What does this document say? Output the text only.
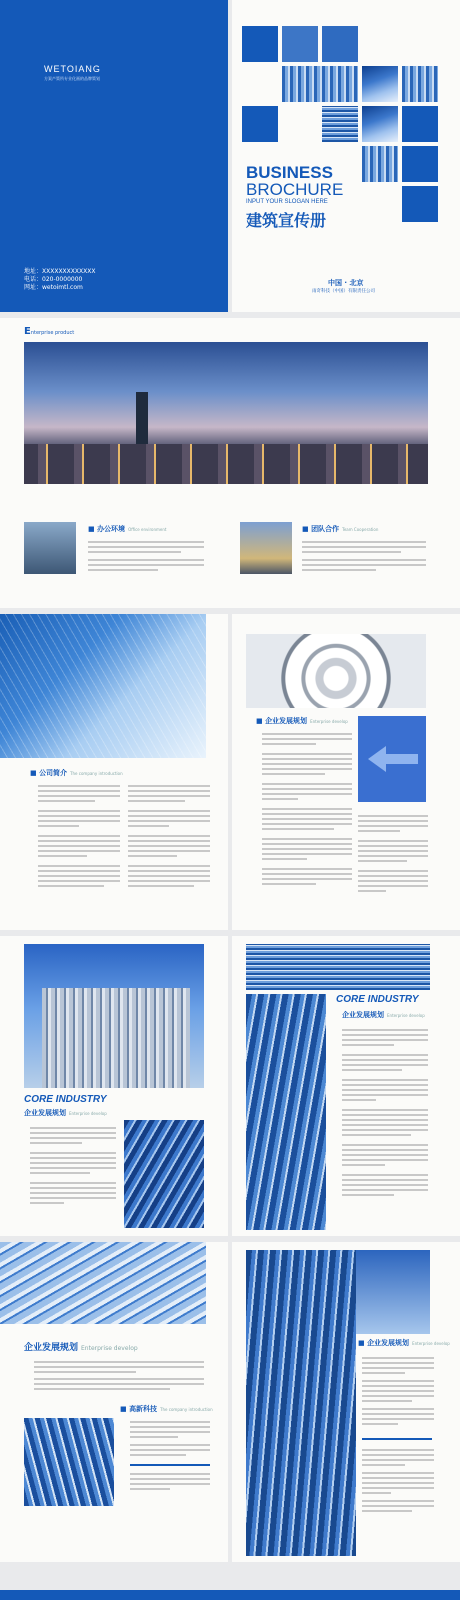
WETOIANG
方案产策所专业化画的品牌策划
地址：XXXXXXXXXXXXX
电话：020-0000000
网址：wetoimtl.com
BUSINESS
BROCHURE
INPUT YOUR SLOGAN HERE
建筑宣传册
中国 · 北京
雨奇科技（中国）有限责任公司
E nterprise product
■ 办公环境 Office environment	■ 团队合作 Team Cooperation
■ 公司简介 The company introduction
■ 企业发展规划 Enterprise develop
CORE INDUSTRY
企业发展规划 Enterprise develop
CORE INDUSTRY
企业发展规划 Enterprise develop
企业发展规划 Enterprise develop
■ 高新科技 The company introduction
■ 企业发展规划 Enterprise develop
